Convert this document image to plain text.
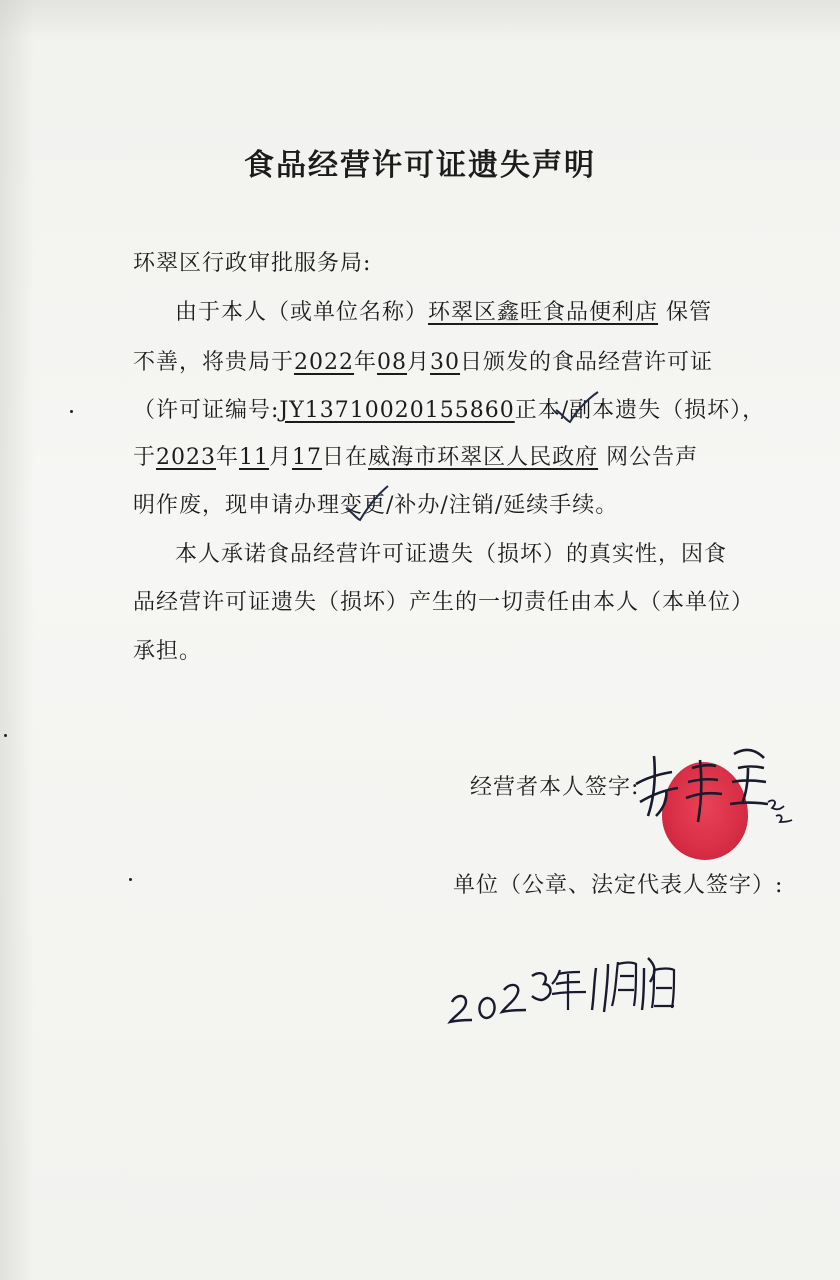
食品经营许可证遗失声明
环翠区行政审批服务局:
由于本人（或单位名称）环翠区鑫旺食品便利店 保管
不善，将贵局于2022年08月30日颁发的食品经营许可证
（许可证编号:JY13710020155860正本/副本遗失（损坏），
于2023年11月17日在威海市环翠区人民政府 网公告声
明作废，现申请办理变更/补办/注销/延续手续。
本人承诺食品经营许可证遗失（损坏）的真实性，因食
品经营许可证遗失（损坏）产生的一切责任由本人（本单位）
承担。
经营者本人签字:
单位（公章、法定代表人签字）:
